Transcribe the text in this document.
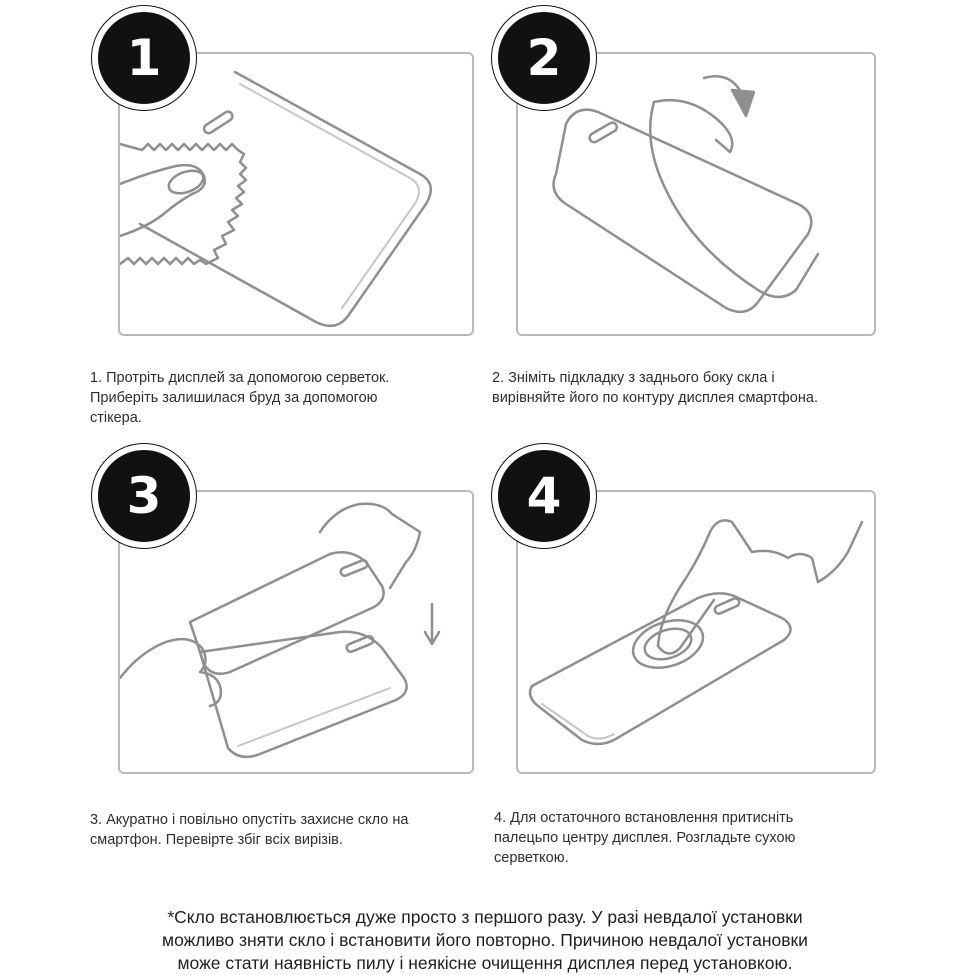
1
1. Протріть дисплей за допомогою серветок.
Приберіть залишилася бруд за допомогою
стікера.
2
2. Зніміть підкладку з заднього боку скла і
вирівняйте його по контуру дисплея смартфона.
3
3. Акуратно і повільно опустіть захисне скло на
смартфон. Перевірте збіг всіх вирізів.
4
4. Для остаточного встановлення притисніть
палецьпо центру дисплея. Розгладьте сухою
серветкою.
*Скло встановлюється дуже просто з першого разу. У разі невдалої установки
можливо зняти скло і встановити його повторно. Причиною невдалої установки
може стати наявність пилу і неякісне очищення дисплея перед установкою.
